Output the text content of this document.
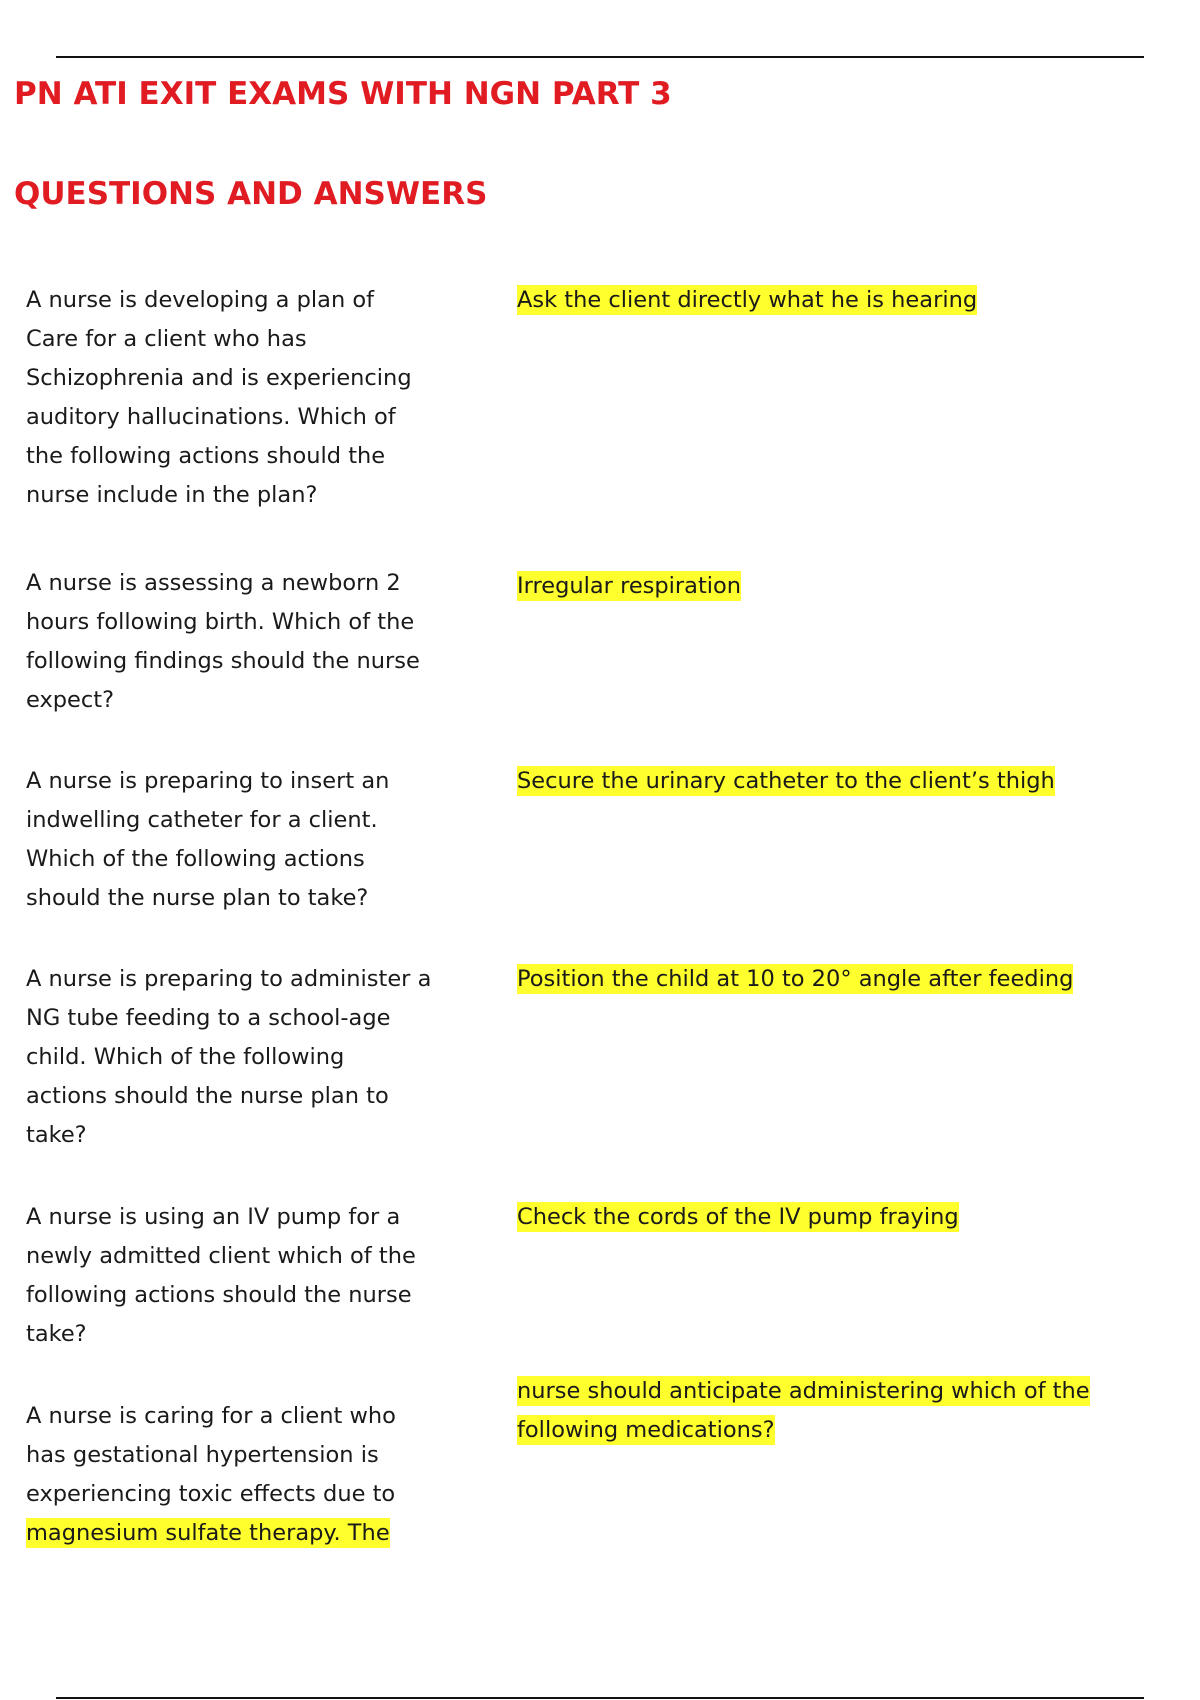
PN ATI EXIT EXAMS WITH NGN PART 3
QUESTIONS AND ANSWERS
A nurse is developing a plan of
Care for a client who has
Schizophrenia and is experiencing
auditory hallucinations. Which of
the following actions should the
nurse include in the plan?
Ask the client directly what he is hearing
A nurse is assessing a newborn 2
hours following birth. Which of the
following findings should the nurse
expect?
Irregular respiration
A nurse is preparing to insert an
indwelling catheter for a client.
Which of the following actions
should the nurse plan to take?
Secure the urinary catheter to the client’s thigh
A nurse is preparing to administer a
NG tube feeding to a school-age
child. Which of the following
actions should the nurse plan to
take?
Position the child at 10 to 20° angle after feeding
A nurse is using an IV pump for a
newly admitted client which of the
following actions should the nurse
take?
Check the cords of the IV pump fraying
A nurse is caring for a client who
has gestational hypertension is
experiencing toxic effects due to
magnesium sulfate therapy. The
nurse should anticipate administering which of the
following medications?
